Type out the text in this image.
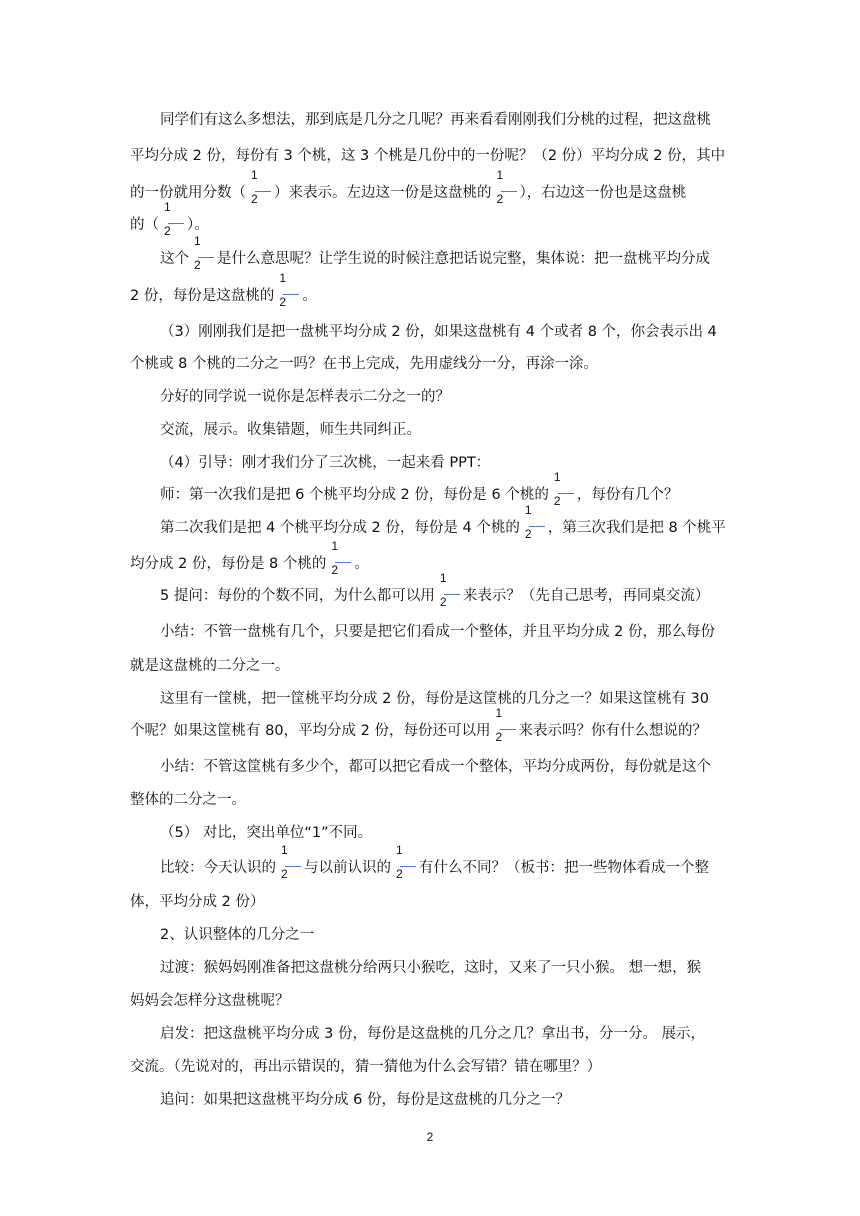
同学们有这么多想法，那到底是几分之几呢？再来看看刚刚我们分桃的过程，把这盘桃
平均分成 2 份，每份有 3 个桃，这 3 个桃是几份中的一份呢？（2 份）平均分成 2 份，其中
的一份就用分数（ $\frac{1}{2}$ ）来表示。左边这一份是这盘桃的 $\frac{1}{2}$ ），右边这一份也是这盘桃
的（ $\frac{1}{2}$ ）。
这个 $\frac{1}{2}$ 是什么意思呢？让学生说的时候注意把话说完整，集体说：把一盘桃平均分成
2 份，每份是这盘桃的 $\frac{1}{2}$ 。
（3）刚刚我们是把一盘桃平均分成 2 份，如果这盘桃有 4 个或者 8 个，你会表示出 4
个桃或 8 个桃的二分之一吗？在书上完成，先用虚线分一分，再涂一涂。
分好的同学说一说你是怎样表示二分之一的？
交流，展示。收集错题，师生共同纠正。
（4）引导：刚才我们分了三次桃，一起来看 PPT：
师：第一次我们是把 6 个桃平均分成 2 份，每份是 6 个桃的 $\frac{1}{2}$ ，每份有几个？
第二次我们是把 4 个桃平均分成 2 份，每份是 4 个桃的 $\frac{1}{2}$ ，第三次我们是把 8 个桃平
均分成 2 份，每份是 8 个桃的 $\frac{1}{2}$ 。
5 提问：每份的个数不同，为什么都可以用 $\frac{1}{2}$ 来表示？（先自己思考，再同桌交流）
小结：不管一盘桃有几个，只要是把它们看成一个整体，并且平均分成 2 份，那么每份
就是这盘桃的二分之一。
这里有一筐桃，把一筐桃平均分成 2 份，每份是这筐桃的几分之一？如果这筐桃有 30
个呢？如果这筐桃有 80，平均分成 2 份，每份还可以用 $\frac{1}{2}$ 来表示吗？你有什么想说的？
小结：不管这筐桃有多少个，都可以把它看成一个整体，平均分成两份，每份就是这个
整体的二分之一。
（5） 对比，突出单位“1”不同。
比较：今天认识的 $\frac{1}{2}$ 与以前认识的 $\frac{1}{2}$ 有什么不同？（板书：把一些物体看成一个整
体，平均分成 2 份）
2、认识整体的几分之一
过渡：猴妈妈刚准备把这盘桃分给两只小猴吃，这时，又来了一只小猴。 想一想，猴
妈妈会怎样分这盘桃呢？
启发：把这盘桃平均分成 3 份，每份是这盘桃的几分之几？拿出书，分一分。 展示，
交流。（先说对的，再出示错误的，猜一猜他为什么会写错？错在哪里？）
追问：如果把这盘桃平均分成 6 份，每份是这盘桃的几分之一？
2
